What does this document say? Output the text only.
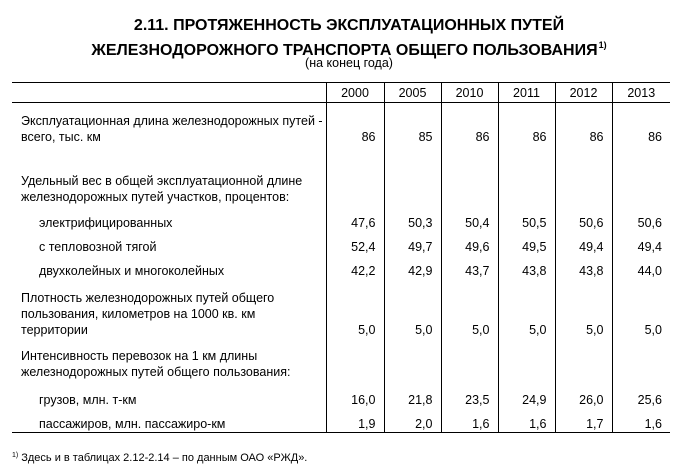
2.11. ПРОТЯЖЕННОСТЬ ЭКСПЛУАТАЦИОННЫХ ПУТЕЙ
ЖЕЛЕЗНОДОРОЖНОГО ТРАНСПОРТА ОБЩЕГО ПОЛЬЗОВАНИЯ$^{1)}$
(на конец года)
	2000	2005	2010	2011	2012	2013
Эксплуатационная длина железнодорожных путей - всего, тыс. км	86	85	86	86	86	86
Удельный вес в общей эксплуатационной длине железнодорожных путей участков, процентов:						
электрифицированных	47,6	50,3	50,4	50,5	50,6	50,6
с тепловозной тягой	52,4	49,7	49,6	49,5	49,4	49,4
двухколейных и многоколейных	42,2	42,9	43,7	43,8	43,8	44,0
Плотность железнодорожных путей общего пользования, километров на 1000 кв. км территории	5,0	5,0	5,0	5,0	5,0	5,0
Интенсивность перевозок на 1 км длины железнодорожных путей общего пользования:						
грузов, млн. т-км	16,0	21,8	23,5	24,9	26,0	25,6
пассажиров, млн. пассажиро-км	1,9	2,0	1,6	1,6	1,7	1,6
$^{1)}$ Здесь и в таблицах 2.12-2.14 – по данным ОАО «РЖД».
